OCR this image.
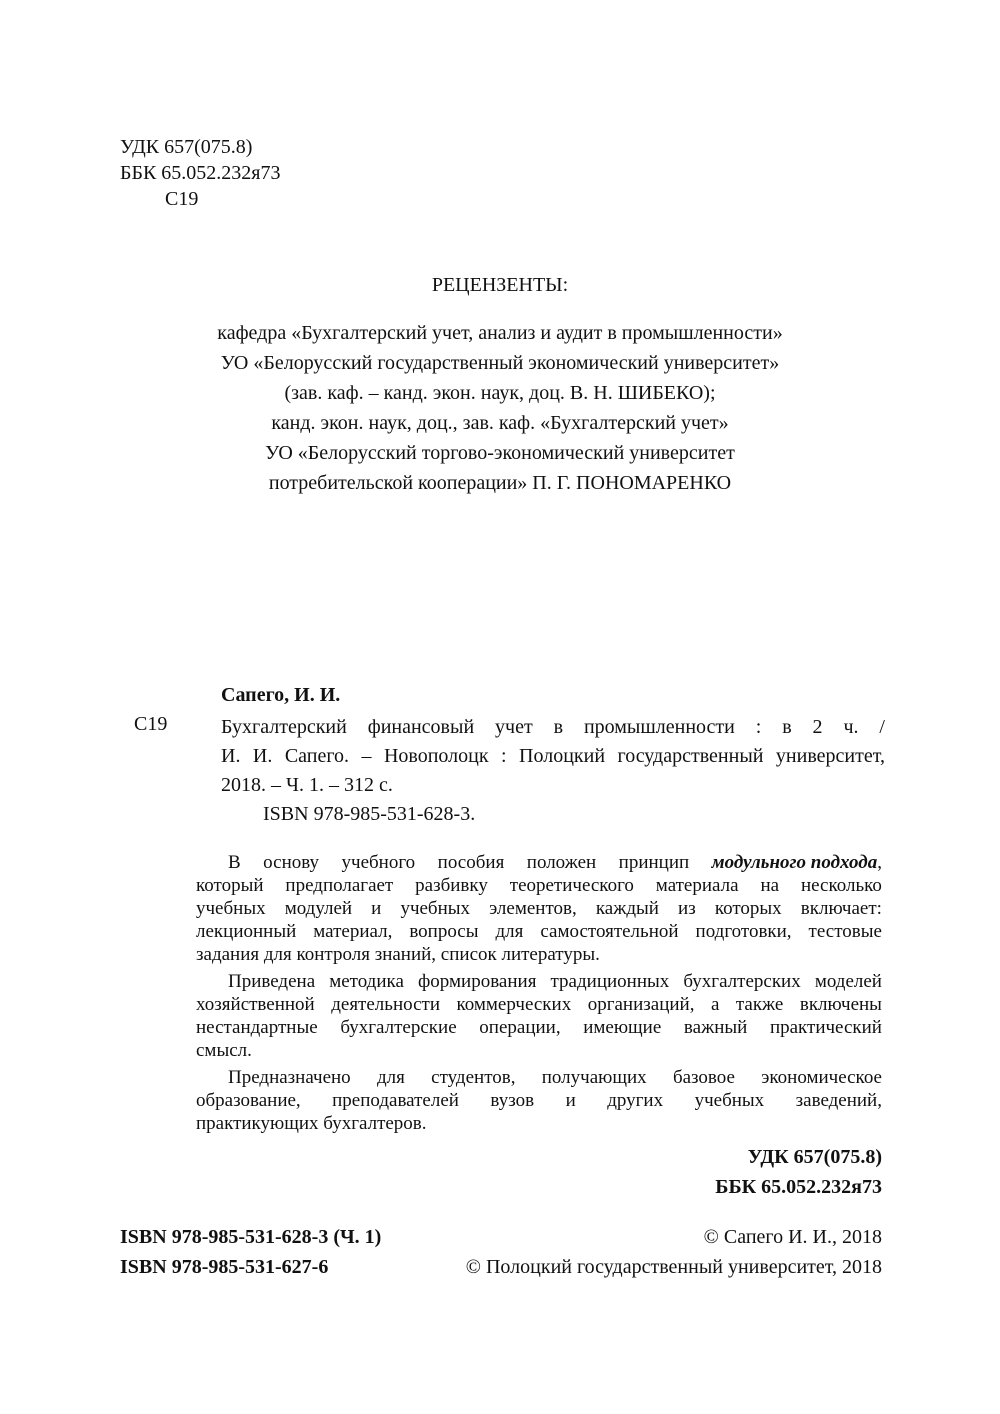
УДК 657(075.8)
ББК 65.052.232я73
С19
РЕЦЕНЗЕНТЫ:
кафедра «Бухгалтерский учет, анализ и аудит в промышленности»
УО «Белорусский государственный экономический университет»
(зав. каф. – канд. экон. наук, доц. В. Н. ШИБЕКО);
канд. экон. наук, доц., зав. каф. «Бухгалтерский учет»
УО «Белорусский торгово-экономический университет
потребительской кооперации» П. Г. ПОНОМАРЕНКО
Сапего, И. И.
С19	Бухгалтерский финансовый учет в промышленности : в 2 ч. /
И. И. Сапего. – Новополоцк : Полоцкий государственный университет,
2018. – Ч. 1. – 312 с.
ISBN 978-985-531-628-3.
В основу учебного пособия положен принцип модульного подхода,
который предполагает разбивку теоретического материала на несколько
учебных модулей и учебных элементов, каждый из которых включает:
лекционный материал, вопросы для самостоятельной подготовки, тестовые
задания для контроля знаний, список литературы.
Приведена методика формирования традиционных бухгалтерских моделей
хозяйственной деятельности коммерческих организаций, а также включены
нестандартные бухгалтерские операции, имеющие важный практический
смысл.
Предназначено для студентов, получающих базовое экономическое
образование, преподавателей вузов и других учебных заведений,
практикующих бухгалтеров.
УДК 657(075.8)
ББК 65.052.232я73
ISBN 978-985-531-628-3 (Ч. 1)
ISBN 978-985-531-627-6
© Сапего И. И., 2018
© Полоцкий государственный университет, 2018
